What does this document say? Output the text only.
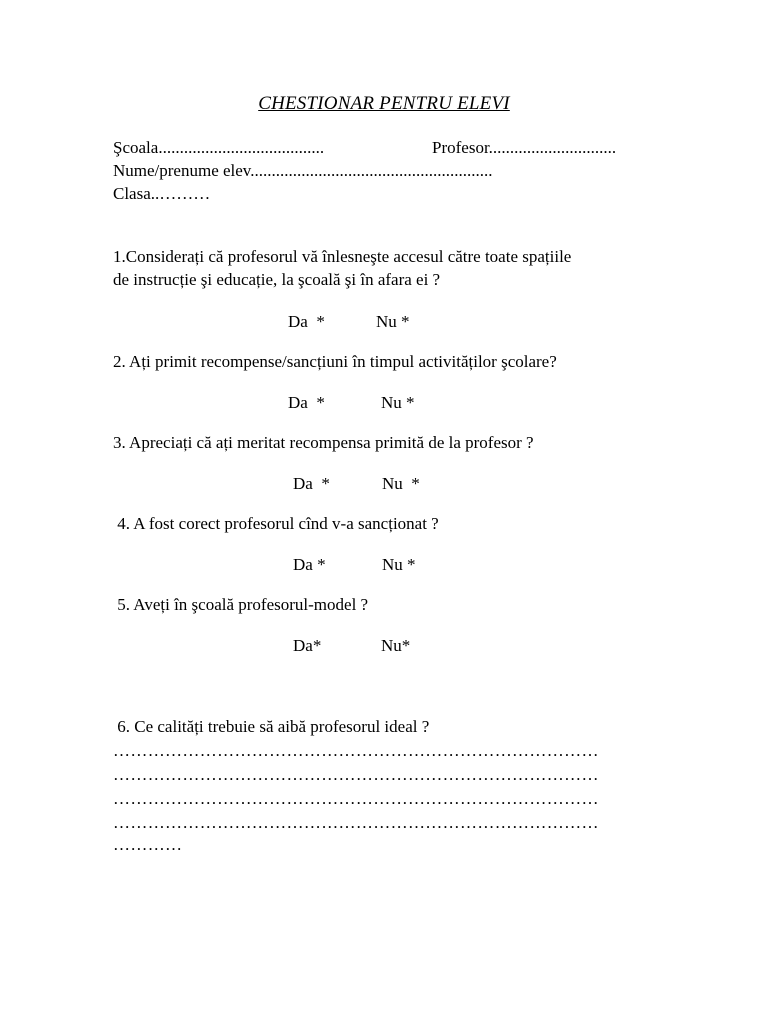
CHESTIONAR PENTRU ELEVI
Şcoala.......................................	Profesor..............................
Nume/prenume elev.........................................................
Clasa..………
1.Considerați că profesorul vă înlesneşte accesul către toate spațiile
de instrucție şi educație, la şcoală şi în afara ei ?
Da  *	Nu *
2. Ați primit recompense/sancțiuni în timpul activităților şcolare?
Da  *	Nu *
3. Apreciați că ați meritat recompensa primită de la profesor ?
Da  *	Nu  *
4. A fost corect profesorul cînd v-a sancționat ?
Da *	Nu *
5. Aveți în şcoală profesorul-model ?
Da*	Nu*
6. Ce calități trebuie să aibă profesorul ideal ?
…………………………………………………………………………
…………………………………………………………………………
…………………………………………………………………………
…………………………………………………………………………
…………
